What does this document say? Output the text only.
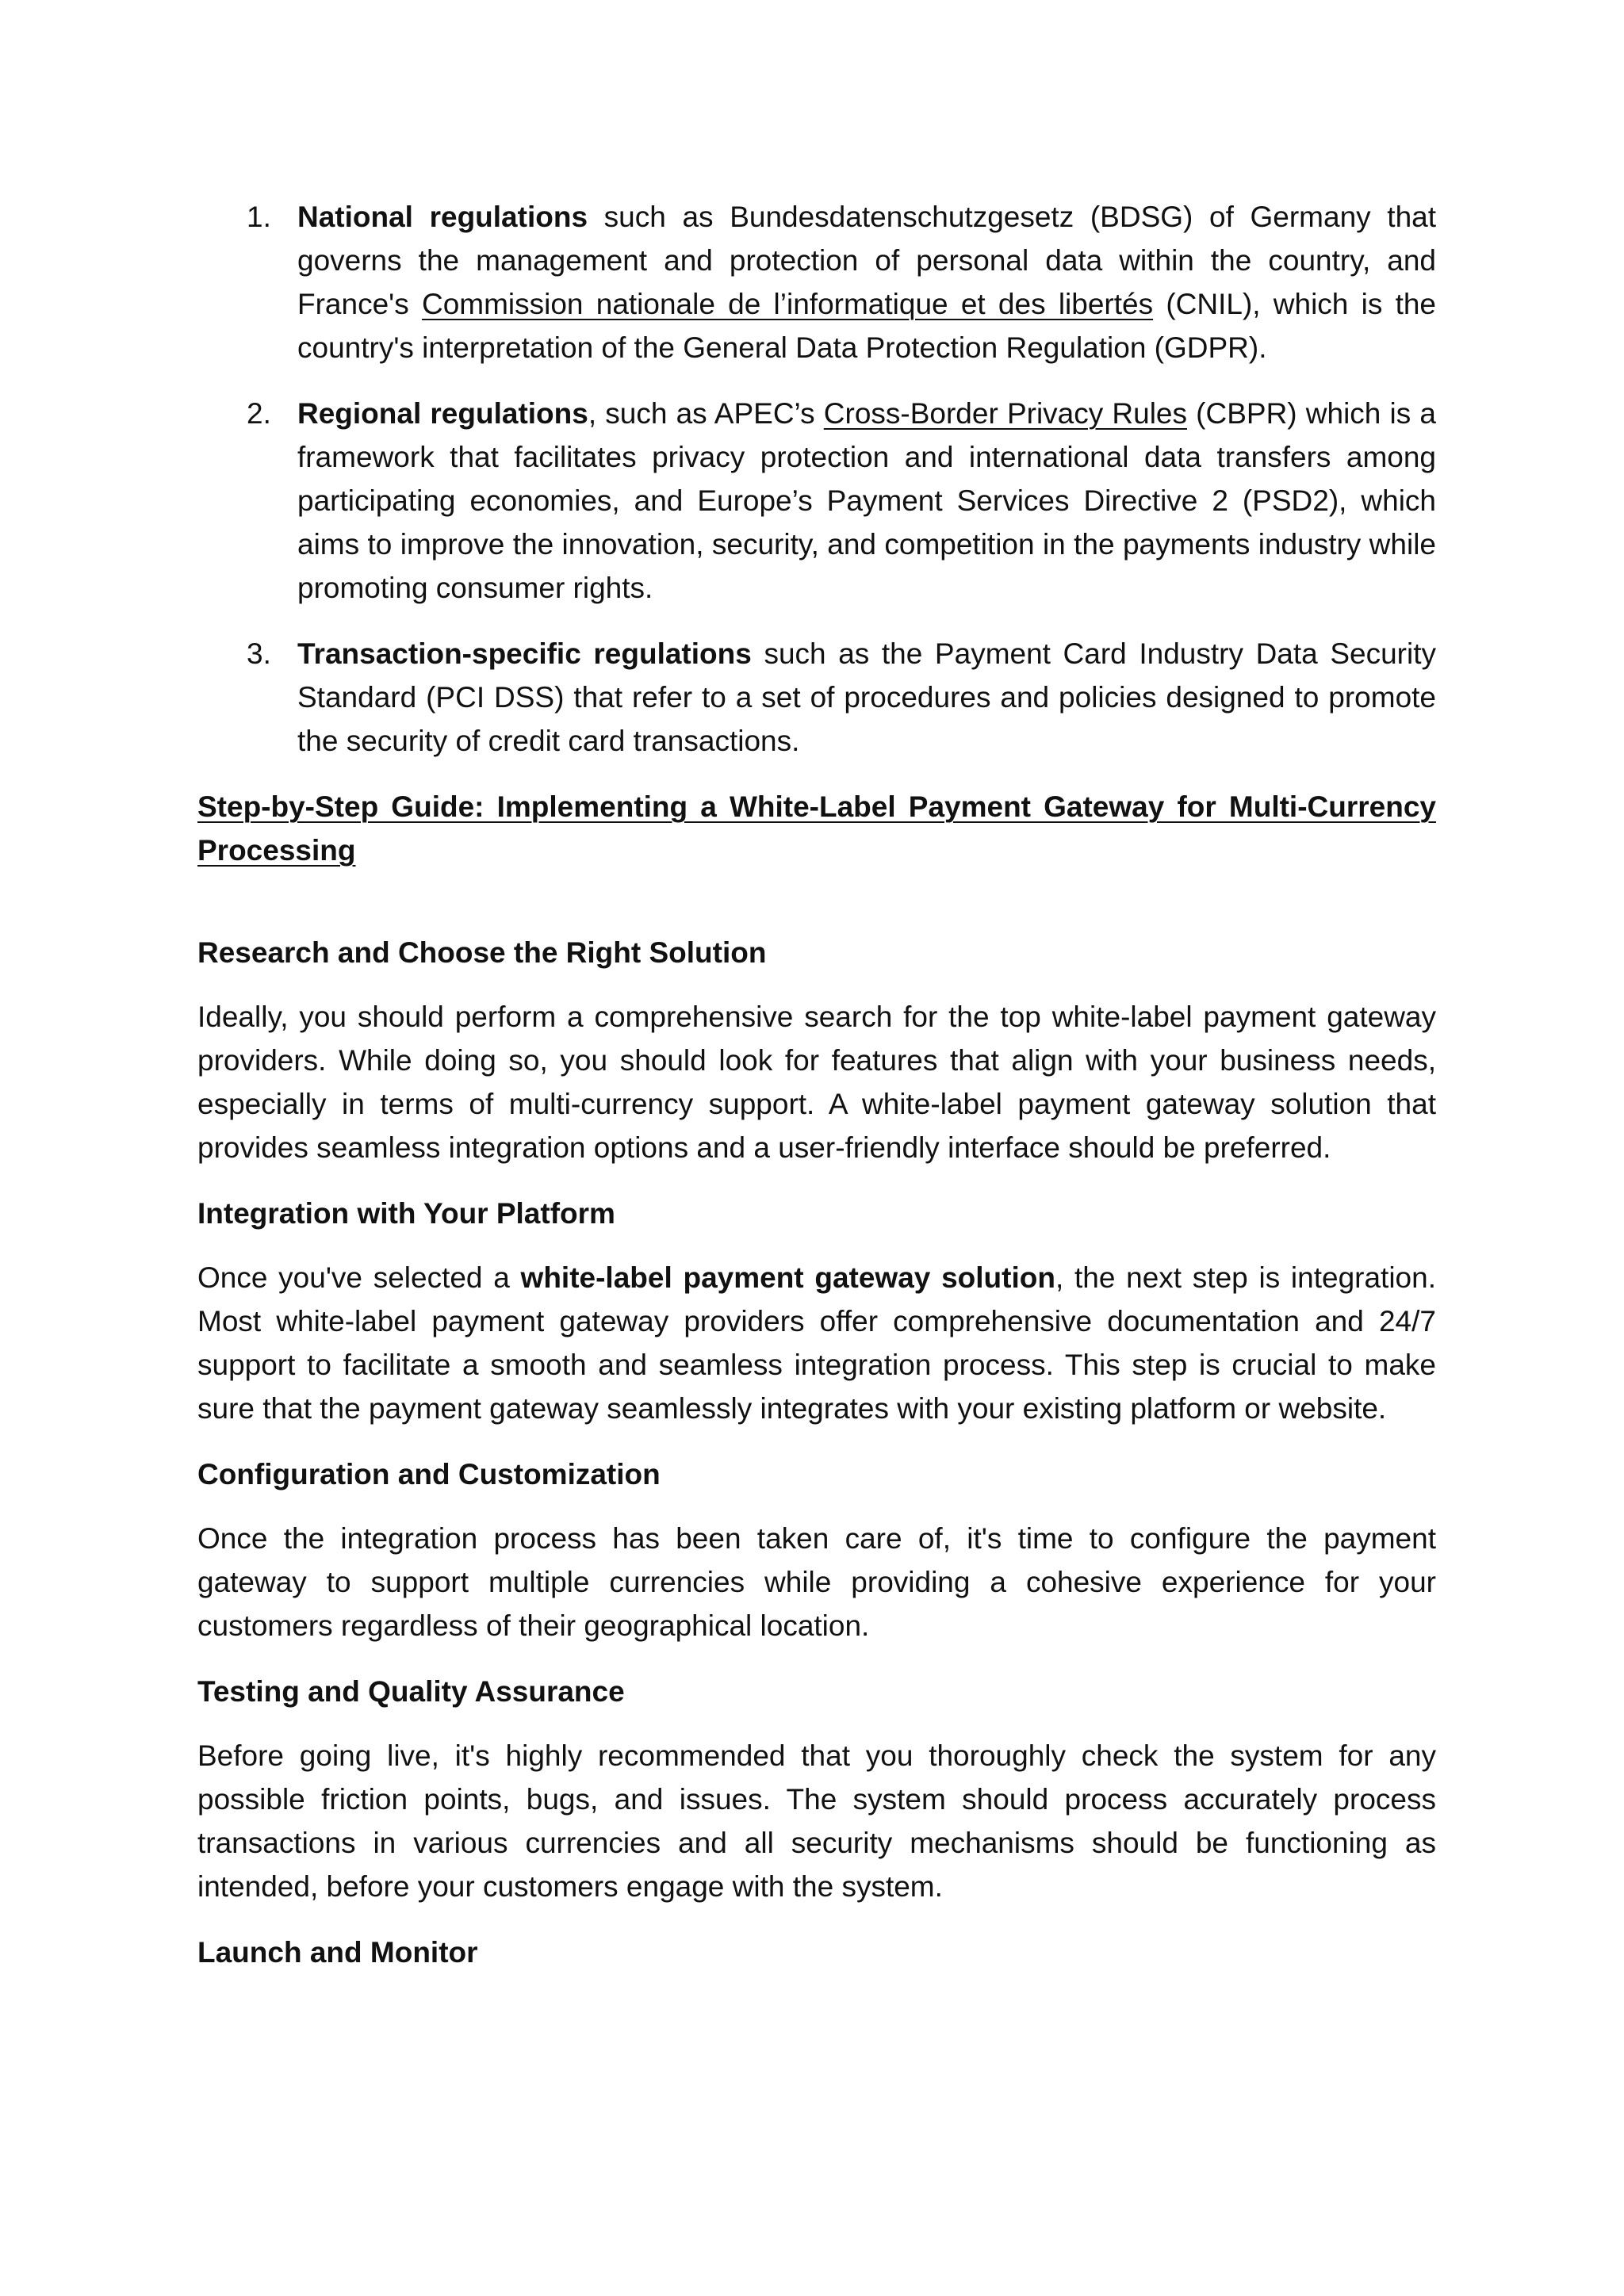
1. National regulations such as Bundesdatenschutzgesetz (BDSG) of Germany that governs the management and protection of personal data within the country, and France's Commission nationale de l’informatique et des libertés (CNIL), which is the country's interpretation of the General Data Protection Regulation (GDPR).
2. Regional regulations, such as APEC’s Cross-Border Privacy Rules (CBPR) which is a framework that facilitates privacy protection and international data transfers among participating economies, and Europe’s Payment Services Directive 2 (PSD2), which aims to improve the innovation, security, and competition in the payments industry while promoting consumer rights.
3. Transaction-specific regulations such as the Payment Card Industry Data Security Standard (PCI DSS) that refer to a set of procedures and policies designed to promote the security of credit card transactions.

Step-by-Step Guide: Implementing a White-Label Payment Gateway for Multi-Currency Processing

Research and Choose the Right Solution

Ideally, you should perform a comprehensive search for the top white-label payment gateway providers. While doing so, you should look for features that align with your business needs, especially in terms of multi-currency support. A white-label payment gateway solution that provides seamless integration options and a user-friendly interface should be preferred.

Integration with Your Platform

Once you've selected a white-label payment gateway solution, the next step is integration. Most white-label payment gateway providers offer comprehensive documentation and 24/7 support to facilitate a smooth and seamless integration process. This step is crucial to make sure that the payment gateway seamlessly integrates with your existing platform or website.

Configuration and Customization

Once the integration process has been taken care of, it's time to configure the payment gateway to support multiple currencies while providing a cohesive experience for your customers regardless of their geographical location.

Testing and Quality Assurance

Before going live, it's highly recommended that you thoroughly check the system for any possible friction points, bugs, and issues. The system should process accurately process transactions in various currencies and all security mechanisms should be functioning as intended, before your customers engage with the system.

Launch and Monitor
